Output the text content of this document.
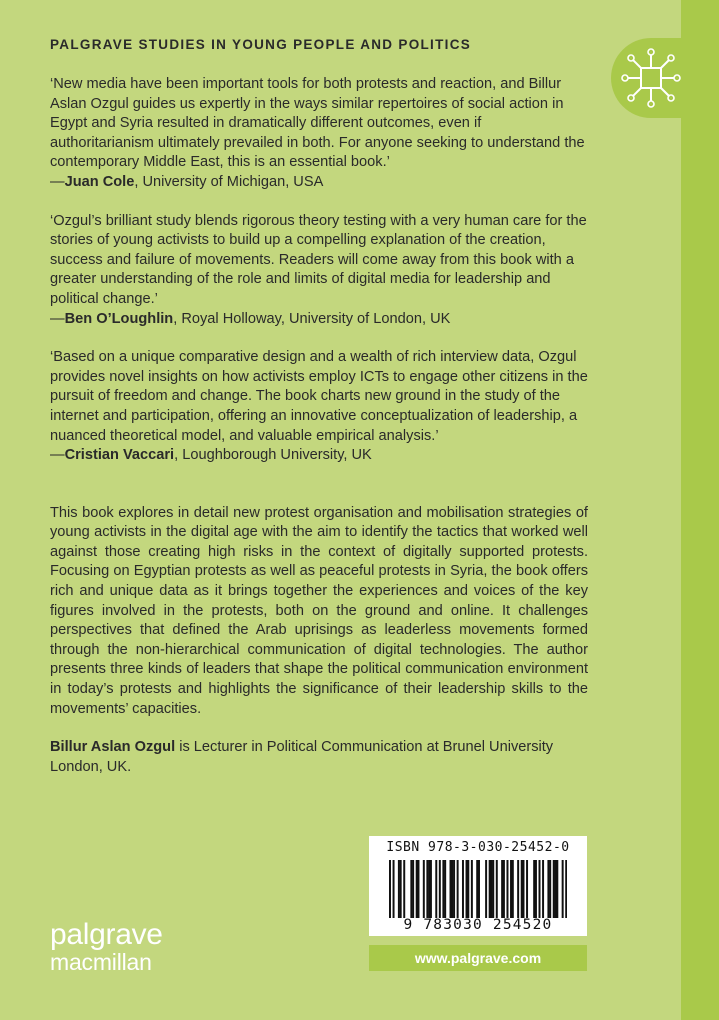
PALGRAVE STUDIES IN YOUNG PEOPLE AND POLITICS

‘New media have been important tools for both protests and reaction, and Billur Aslan Ozgul guides us expertly in the ways similar repertoires of social action in Egypt and Syria resulted in dramatically different outcomes, even if authoritarianism ultimately prevailed in both. For anyone seeking to understand the contemporary Middle East, this is an essential book.’

—Juan Cole, University of Michigan, USA

‘Ozgul’s brilliant study blends rigorous theory testing with a very human care for the stories of young activists to build up a compelling explanation of the creation, success and failure of movements. Readers will come away from this book with a greater understanding of the role and limits of digital media for leadership and political change.’

—Ben O’Loughlin, Royal Holloway, University of London, UK

‘Based on a unique comparative design and a wealth of rich interview data, Ozgul provides novel insights on how activists employ ICTs to engage other citizens in the pursuit of freedom and change. The book charts new ground in the study of the internet and participation, offering an innovative conceptualization of leadership, a nuanced theoretical model, and valuable empirical analysis.’

—Cristian Vaccari, Loughborough University, UK

This book explores in detail new protest organisation and mobilisation strategies of young activists in the digital age with the aim to identify the tactics that worked well against those creating high risks in the context of digitally supported protests. Focusing on Egyptian protests as well as peaceful protests in Syria, the book offers rich and unique data as it brings together the experiences and voices of the key figures involved in the protests, both on the ground and online. It challenges perspectives that defined the Arab uprisings as leaderless movements formed through the non-hierarchical communication of digital technologies. The author presents three kinds of leaders that shape the political communication environment in today’s protests and highlights the significance of their leadership skills to the movements’ capacities.

Billur Aslan Ozgul is Lecturer in Political Communication at Brunel University London, UK.

palgrave
macmillan
ISBN 978-3-030-25452-0
9 783030 254520
www.palgrave.com
